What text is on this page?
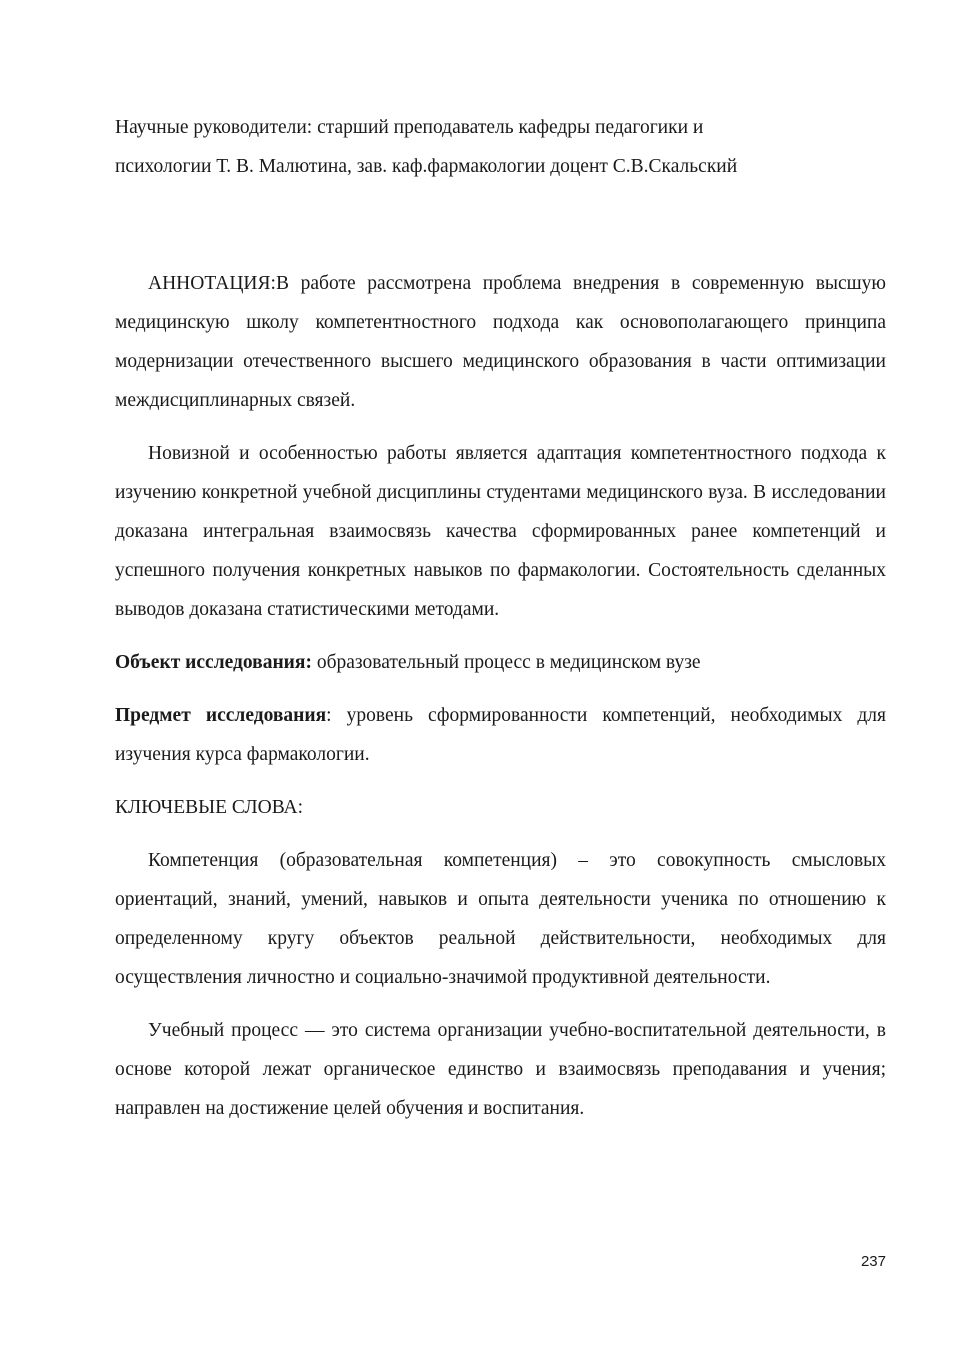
Научные руководители: старший преподаватель кафедры педагогики и

психологии Т. В. Малютина, зав. каф.фармакологии доцент С.В.Скальский

АННОТАЦИЯ:В работе рассмотрена проблема внедрения в современную высшую медицинскую школу компетентностного подхода как основополагающего принципа модернизации отечественного высшего медицинского образования в части оптимизации междисциплинарных связей.

Новизной и особенностью работы является адаптация компетентностного подхода к изучению конкретной учебной дисциплины студентами медицинского вуза. В исследовании доказана интегральная взаимосвязь качества сформированных ранее компетенций и успешного получения конкретных навыков по фармакологии. Состоятельность сделанных выводов доказана статистическими методами.

Объект исследования: образовательный процесс в медицинском вузе

Предмет исследования: уровень сформированности компетенций, необходимых для изучения курса фармакологии.

КЛЮЧЕВЫЕ СЛОВА:

Компетенция (образовательная компетенция) – это совокупность смысловых ориентаций, знаний, умений, навыков и опыта деятельности ученика по отношению к определенному кругу объектов реальной действительности, необходимых для осуществления личностно и социально-значимой продуктивной деятельности.

Учебный процесс — это система организации учебно-воспитательной деятельности, в основе которой лежат органическое единство и взаимосвязь преподавания и учения; направлен на достижение целей обучения и воспитания.

237
